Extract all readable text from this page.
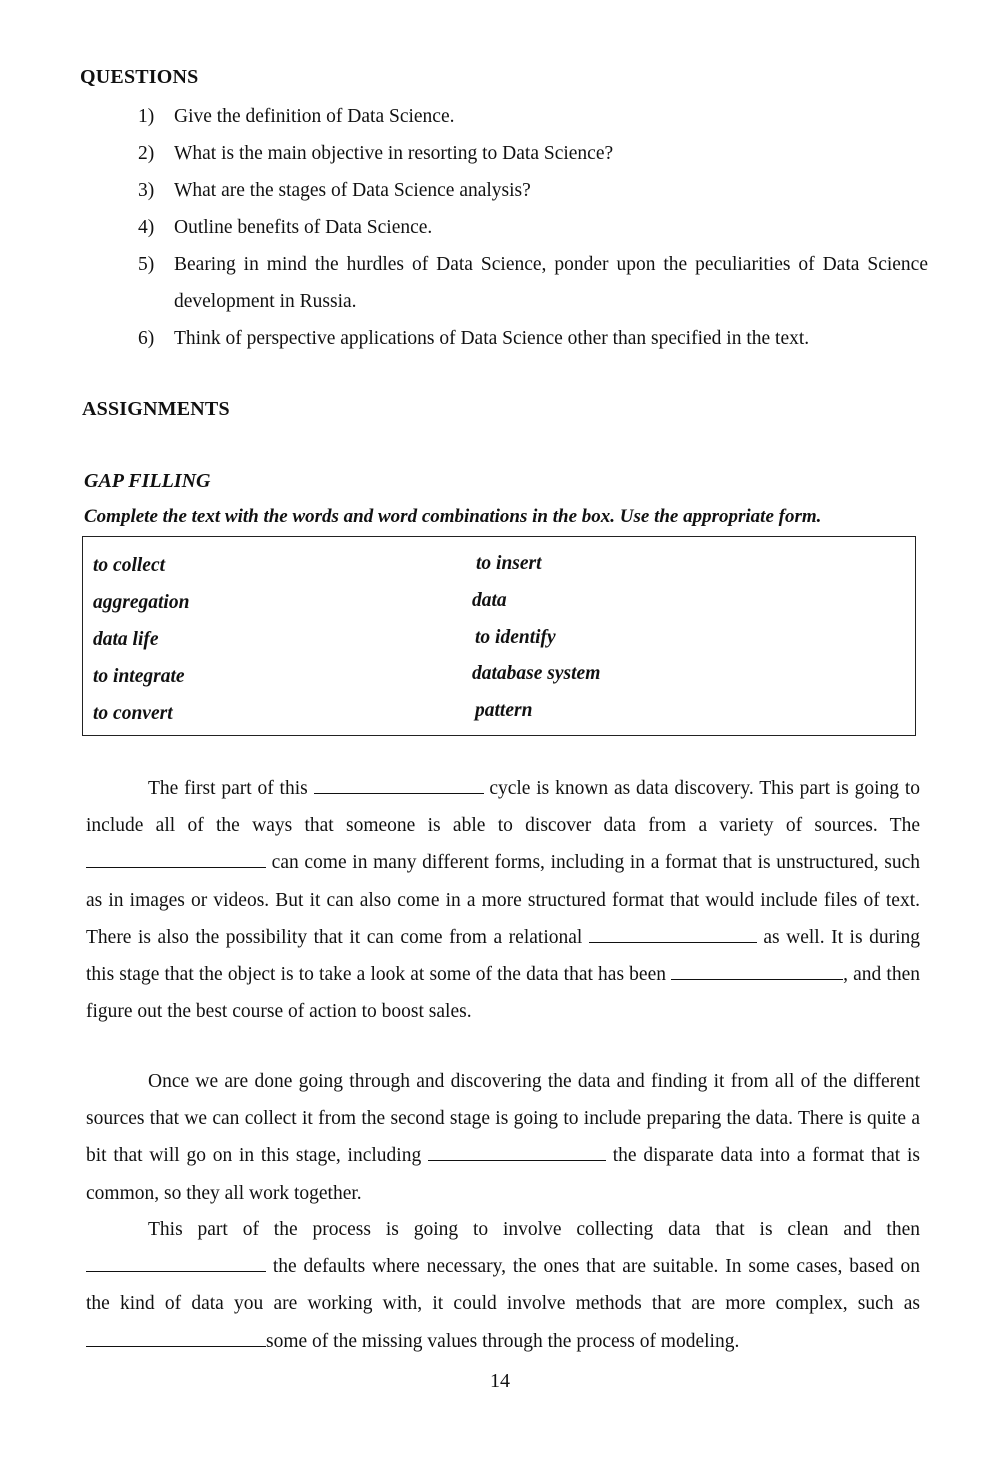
QUESTIONS
1)	Give the definition of Data Science.
2)	What is the main objective in resorting to Data Science?
3)	What are the stages of Data Science analysis?
4)	Outline benefits of Data Science.
5)	Bearing in mind the hurdles of Data Science, ponder upon the peculiarities of Data Science development in Russia.
6)	Think of perspective applications of Data Science other than specified in the text.
ASSIGNMENTS
GAP FILLING
Complete the text with the words and word combinations in the box. Use the appropriate form.
to collect
aggregation
data life
to integrate
to convert
to insert
data
to identify
database system
pattern

The first part of this	cycle is known as data discovery. This part is going to include all of the ways that someone is able to discover data from a variety of sources. The  can come in many different forms, including in a format that is unstructured, such as in images or videos. But it can also come in a more structured format that would include files of text. There is also the possibility that it can come from a relational	as well. It is during this stage that the object is to take a look at some of the data that has been	, and then figure out the best course of action to boost sales.

Once we are done going through and discovering the data and finding it from all of the different sources that we can collect it from the second stage is going to include preparing the data. There is quite a bit that will go on in this stage, including	the disparate data into a format that is common, so they all work together.

This part of the process is going to involve collecting data that is clean and then  the defaults where necessary, the ones that are suitable. In some cases, based on the kind of data you are working with, it could involve methods that are more complex, such as some of the missing values through the process of modeling.

14
